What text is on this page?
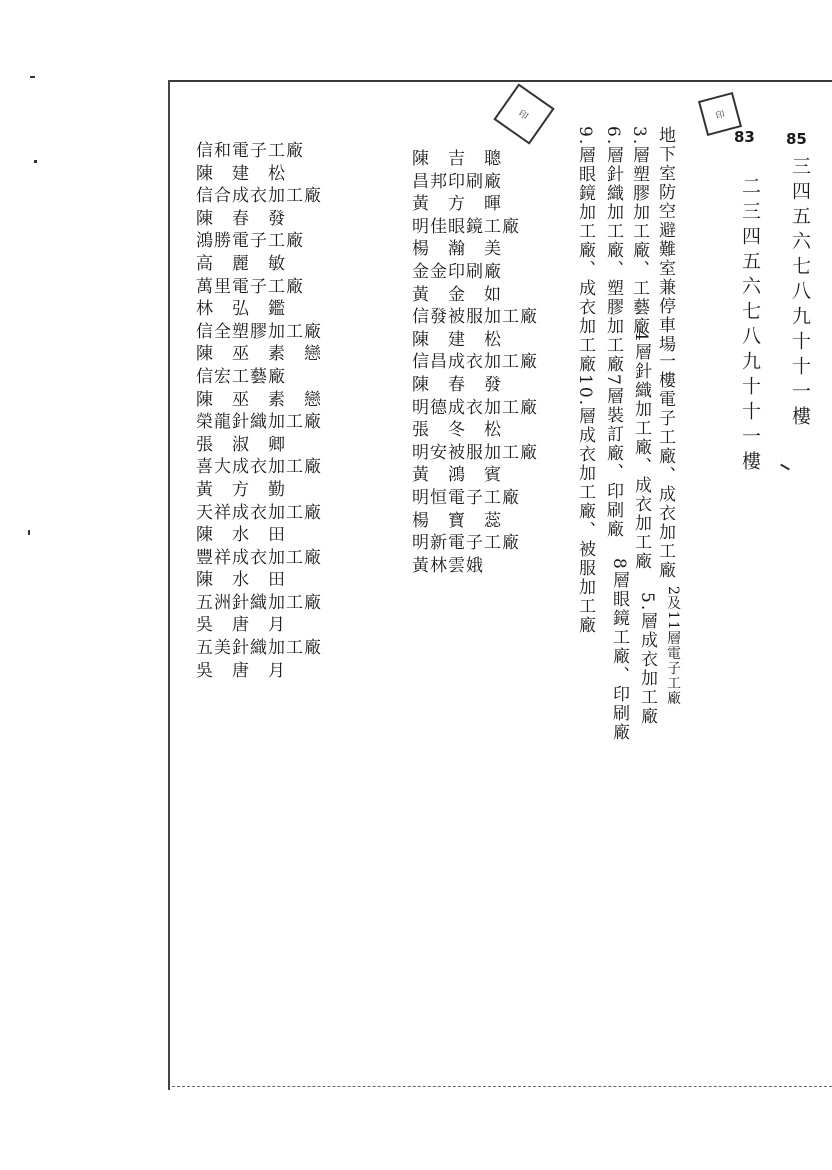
印	印
83 85
三四五六七八九十十一樓
二三四五六七八九十十一樓
地下室防空避難室兼停車場
一樓電子工廠、成衣加工廠
2及11層電子工廠
3.層塑膠加工廠、工藝廠
4層針織加工廠、成衣加工廠
5.層成衣加工廠
6.層針織加工廠、塑膠加工廠
7層裝訂廠、印刷廠
8層眼鏡工廠、印刷廠
9.層眼鏡加工廠、成衣加工廠
10.層成衣加工廠、被服加工廠
信和電子工廠
陳　建　松
信合成衣加工廠
陳　春　發
鴻勝電子工廠
高　麗　敏
萬里電子工廠
林　弘　鑑
信全塑膠加工廠
陳　巫　素　戀
信宏工藝廠
陳　巫　素　戀
榮龍針織加工廠
張　淑　卿
喜大成衣加工廠
黃　方　勤
天祥成衣加工廠
陳　水　田
豐祥成衣加工廠
陳　水　田
五洲針織加工廠
吳　唐　月
五美針織加工廠
吳　唐　月
陳　吉　聰
昌邦印刷廠
黃　方　暉
明佳眼鏡工廠
楊　瀚　美
金金印刷廠
黃　金　如
信發被服加工廠
陳　建　松
信昌成衣加工廠
陳　春　發
明德成衣加工廠
張　冬　松
明安被服加工廠
黃　鴻　賓
明恒電子工廠
楊　寶　蕊
明新電子工廠
黃林雲娥
